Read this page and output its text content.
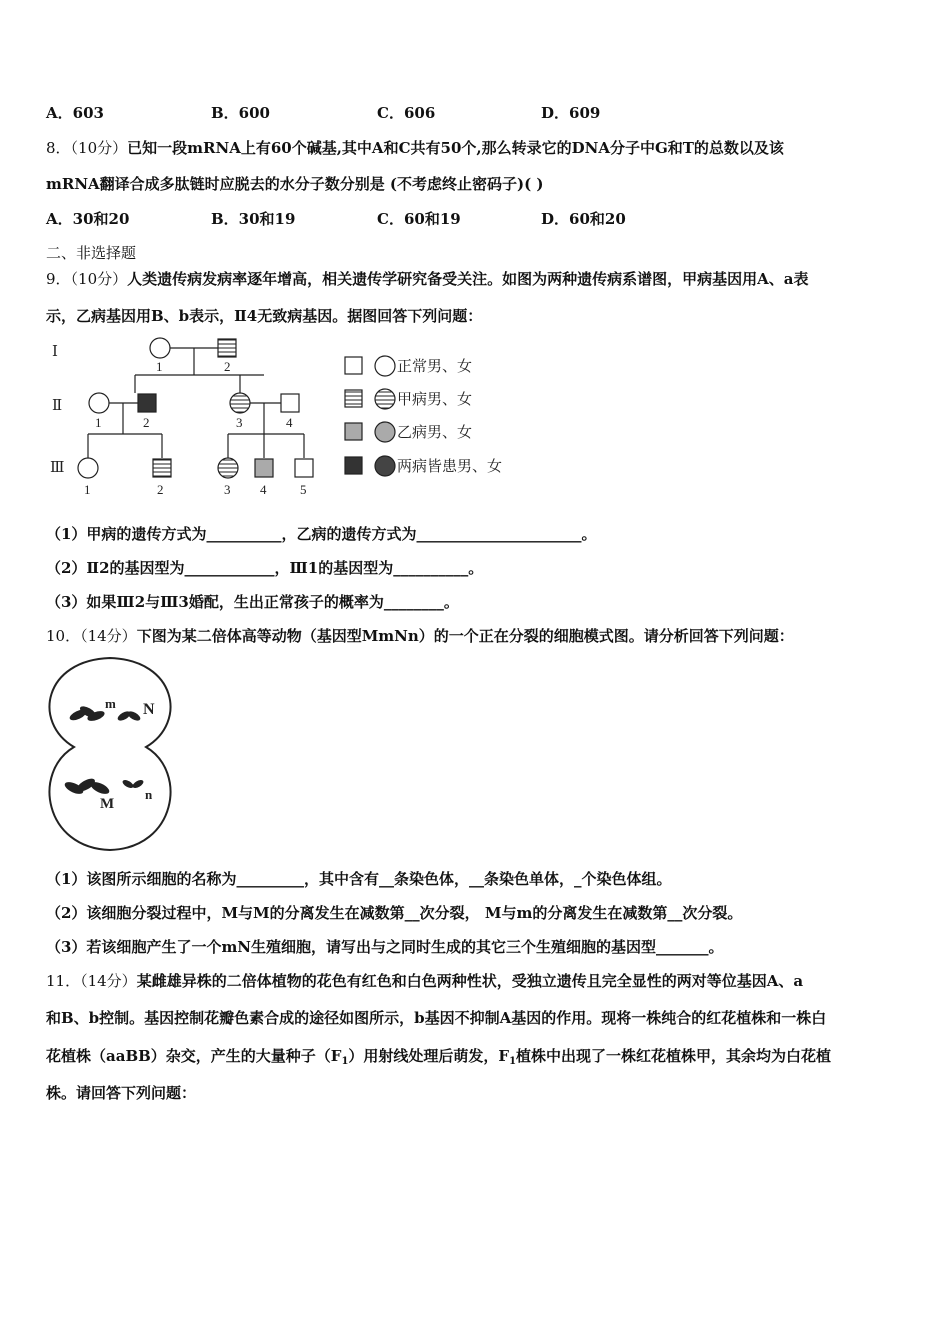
A．603	B．600	C．606	D．609
8．（10分）已知一段mRNA上有60个碱基,其中A和C共有50个,那么转录它的DNA分子中G和T的总数以及该
mRNA翻译合成多肽链时应脱去的水分子数分别是 (不考虑终止密码子)( )
A．30和20	B．30和19	C．60和19	D．60和20
二、非选择题
9．（10分）人类遗传病发病率逐年增高，相关遗传学研究备受关注。如图为两种遗传病系谱图，甲病基因用A、a表
示，乙病基因用B、b表示，Ⅱ4无致病基因。据图回答下列问题：
Ⅰ
Ⅱ
Ⅲ
1	2
1	2	3	4
1	2	3 4	5
正常男、女
甲病男、女
乙病男、女
两病皆患男、女
（1）甲病的遗传方式为__________，乙病的遗传方式为______________________。
（2）Ⅱ2的基因型为____________，Ⅲ1的基因型为__________。
（3）如果Ⅲ2与Ⅲ3婚配，生出正常孩子的概率为________。
10．（14分）下图为某二倍体高等动物（基因型MmNn）的一个正在分裂的细胞模式图。请分析回答下列问题：
m N
M
n
（1）该图所示细胞的名称为_________，其中含有__条染色体，__条染色单体，_个染色体组。
（2）该细胞分裂过程中，M与M的分离发生在减数第__次分裂， M与m的分离发生在减数第__次分裂。
（3）若该细胞产生了一个mN生殖细胞，请写出与之同时生成的其它三个生殖细胞的基因型_______。
11．（14分）某雌雄异株的二倍体植物的花色有红色和白色两种性状，受独立遗传且完全显性的两对等位基因A、a
和B、b控制。基因控制花瓣色素合成的途径如图所示，b基因不抑制A基因的作用。现将一株纯合的红花植株和一株白
花植株（aaBB）杂交，产生的大量种子$(F_1)$用射线处理后萌发，$F_1$植株中出现了一株红花植株甲，其余均为白花植
株。请回答下列问题：
